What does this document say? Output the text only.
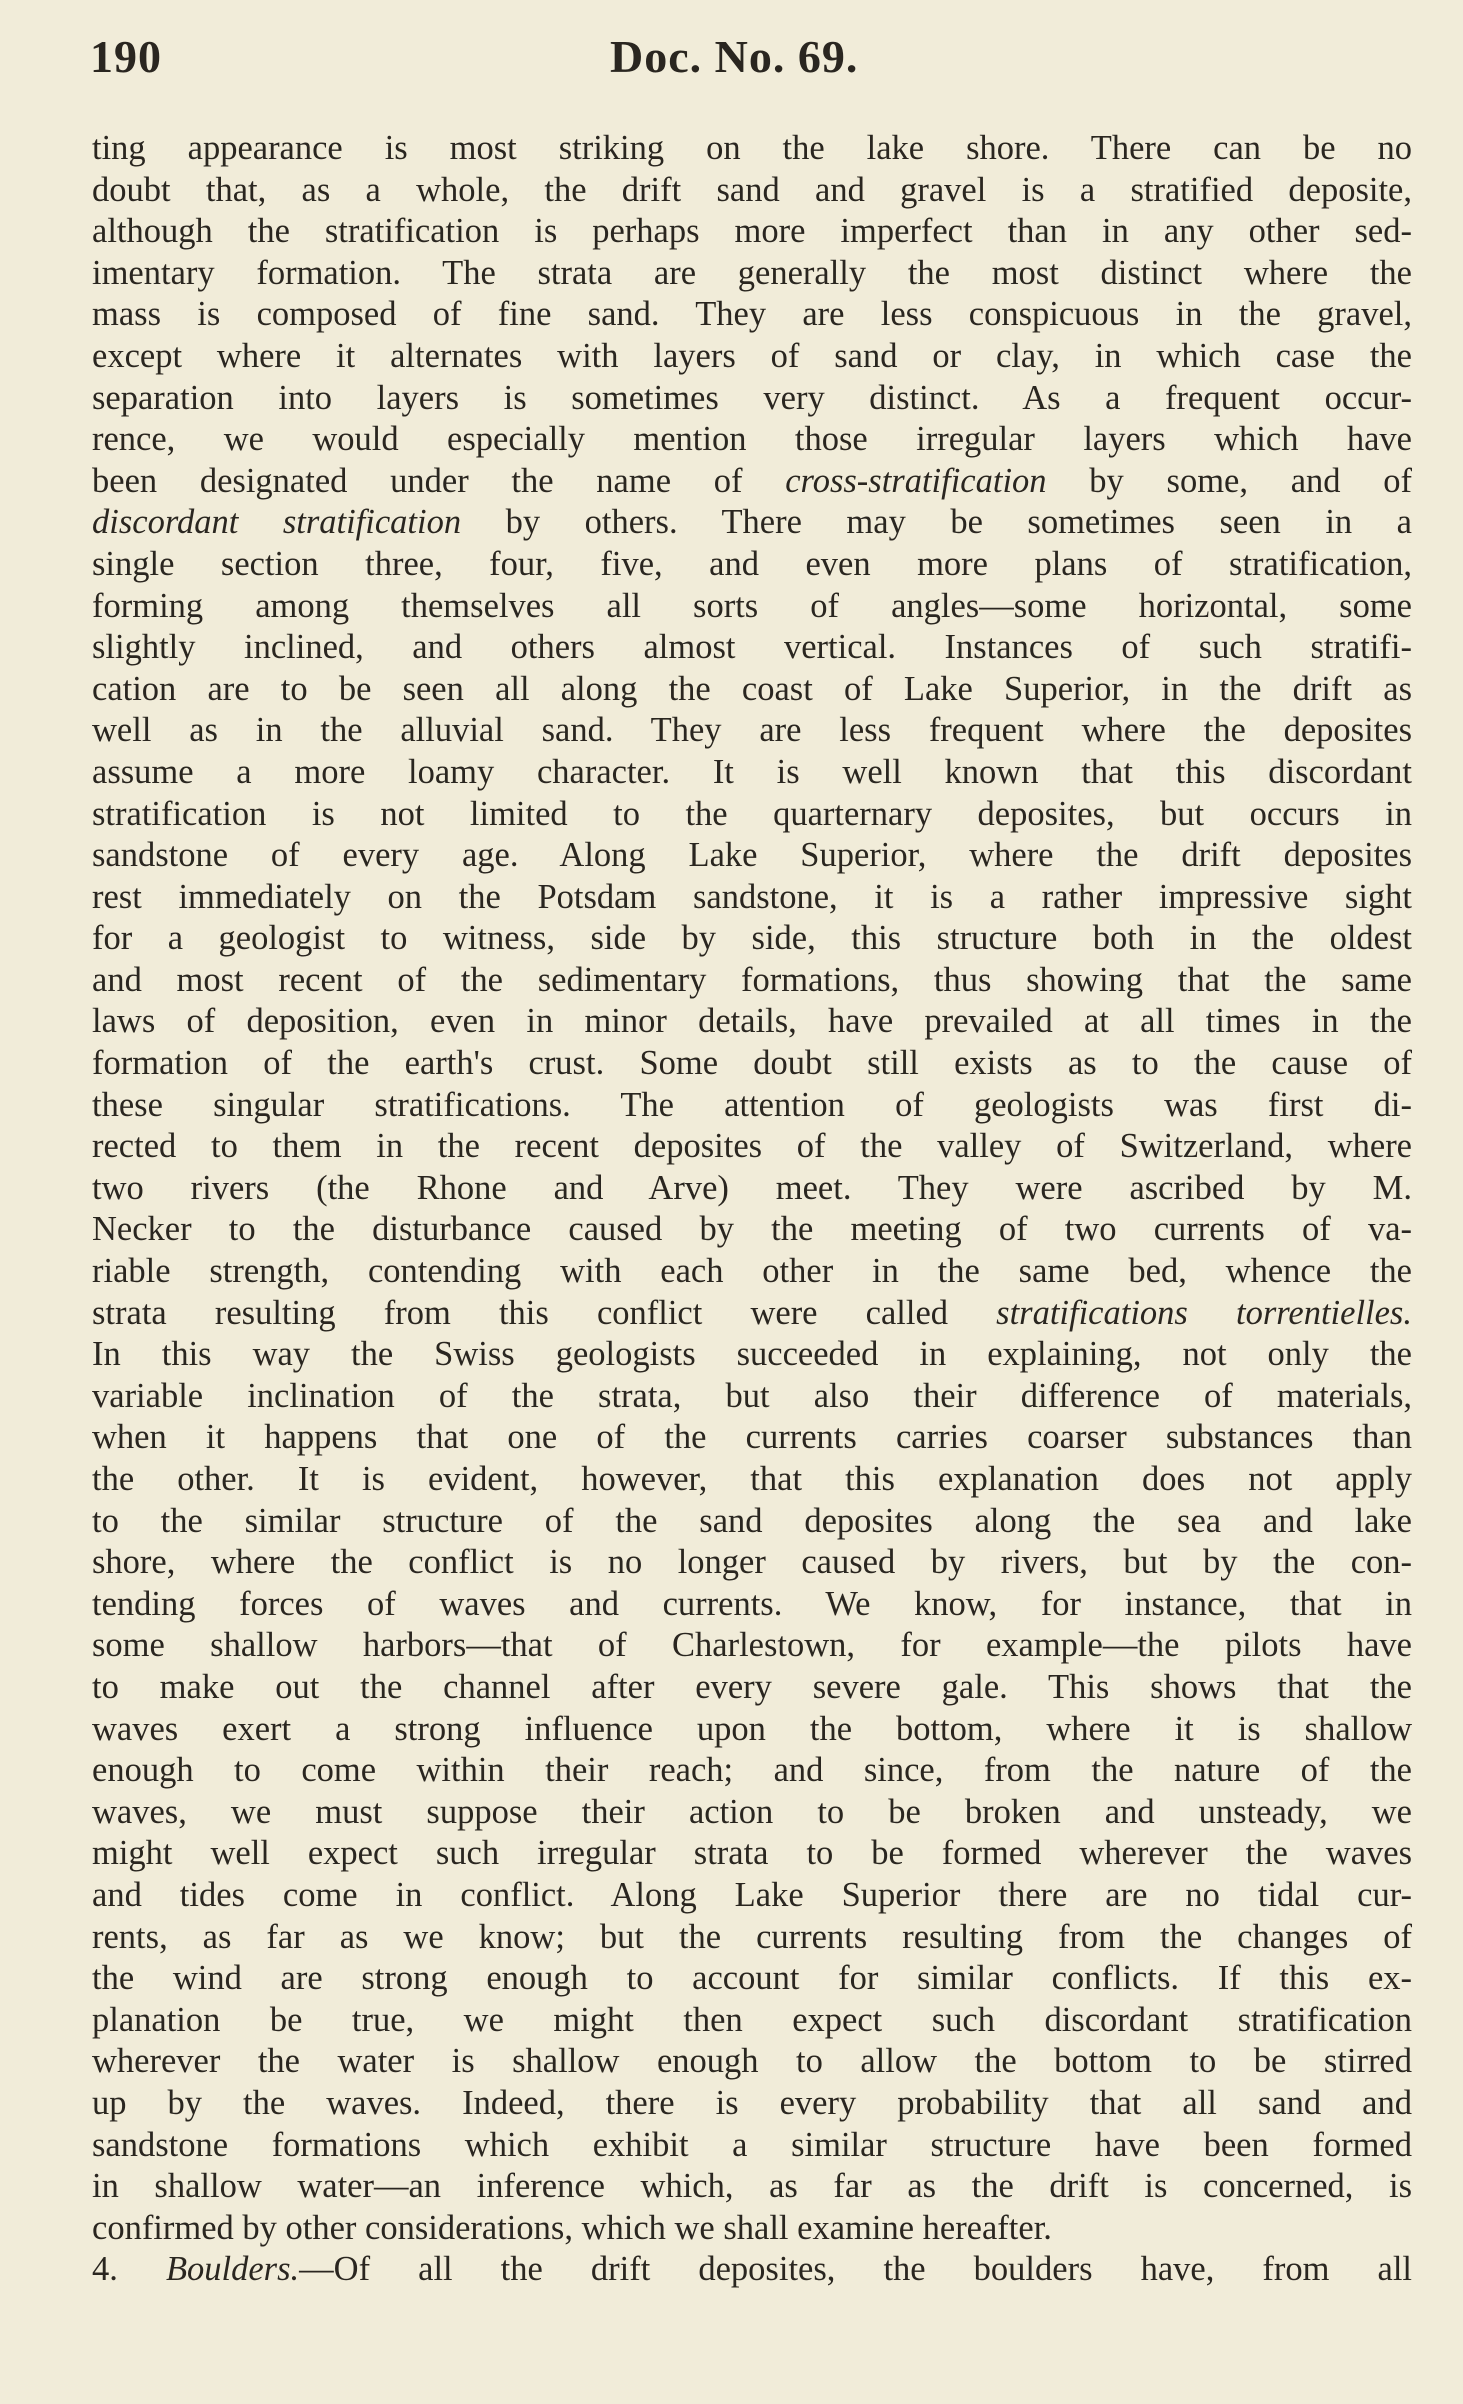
190	Doc. No. 69.
ting appearance is most striking on the lake shore. There can be no
doubt that, as a whole, the drift sand and gravel is a stratified deposite,
although the stratification is perhaps more imperfect than in any other sed-
imentary formation. The strata are generally the most distinct where the
mass is composed of fine sand. They are less conspicuous in the gravel,
except where it alternates with layers of sand or clay, in which case the
separation into layers is sometimes very distinct. As a frequent occur-
rence, we would especially mention those irregular layers which have
been designated under the name of cross-stratification by some, and of
discordant stratification by others. There may be sometimes seen in a
single section three, four, five, and even more plans of stratification,
forming among themselves all sorts of angles—some horizontal, some
slightly inclined, and others almost vertical. Instances of such stratifi-
cation are to be seen all along the coast of Lake Superior, in the drift as
well as in the alluvial sand. They are less frequent where the deposites
assume a more loamy character. It is well known that this discordant
stratification is not limited to the quarternary deposites, but occurs in
sandstone of every age. Along Lake Superior, where the drift deposites
rest immediately on the Potsdam sandstone, it is a rather impressive sight
for a geologist to witness, side by side, this structure both in the oldest
and most recent of the sedimentary formations, thus showing that the same
laws of deposition, even in minor details, have prevailed at all times in the
formation of the earth's crust. Some doubt still exists as to the cause of
these singular stratifications. The attention of geologists was first di-
rected to them in the recent deposites of the valley of Switzerland, where
two rivers (the Rhone and Arve) meet. They were ascribed by M.
Necker to the disturbance caused by the meeting of two currents of va-
riable strength, contending with each other in the same bed, whence the
strata resulting from this conflict were called stratifications torrentielles.
In this way the Swiss geologists succeeded in explaining, not only the
variable inclination of the strata, but also their difference of materials,
when it happens that one of the currents carries coarser substances than
the other. It is evident, however, that this explanation does not apply
to the similar structure of the sand deposites along the sea and lake
shore, where the conflict is no longer caused by rivers, but by the con-
tending forces of waves and currents. We know, for instance, that in
some shallow harbors—that of Charlestown, for example—the pilots have
to make out the channel after every severe gale. This shows that the
waves exert a strong influence upon the bottom, where it is shallow
enough to come within their reach; and since, from the nature of the
waves, we must suppose their action to be broken and unsteady, we
might well expect such irregular strata to be formed wherever the waves
and tides come in conflict. Along Lake Superior there are no tidal cur-
rents, as far as we know; but the currents resulting from the changes of
the wind are strong enough to account for similar conflicts. If this ex-
planation be true, we might then expect such discordant stratification
wherever the water is shallow enough to allow the bottom to be stirred
up by the waves. Indeed, there is every probability that all sand and
sandstone formations which exhibit a similar structure have been formed
in shallow water—an inference which, as far as the drift is concerned, is
confirmed by other considerations, which we shall examine hereafter.
4. Boulders.—Of all the drift deposites, the boulders have, from all
